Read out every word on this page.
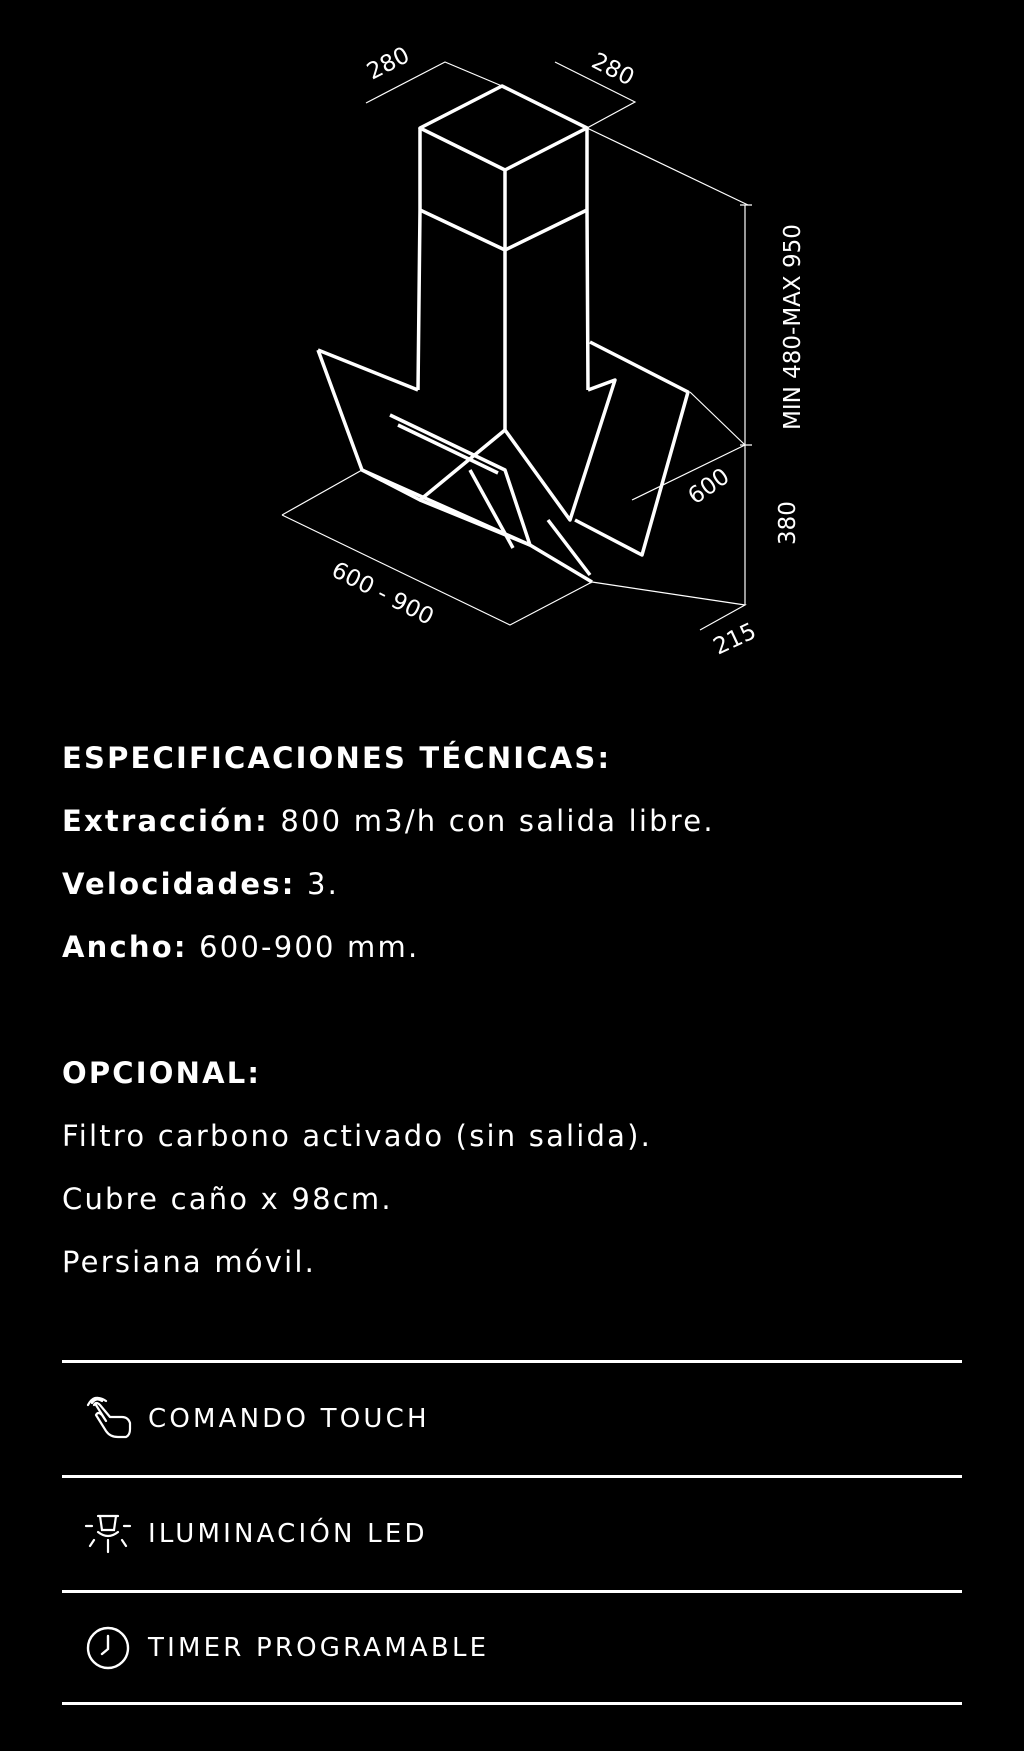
280	280
MIN 480-MAX 950
600
380
600 - 900
215

ESPECIFICACIONES TÉCNICAS:

Extracción: 800 m3/h con salida libre.

Velocidades: 3.

Ancho: 600-900 mm.

OPCIONAL:

Filtro carbono activado (sin salida).

Cubre caño x 98cm.

Persiana móvil.

COMANDO TOUCH
ILUMINACIÓN LED
TIMER PROGRAMABLE
